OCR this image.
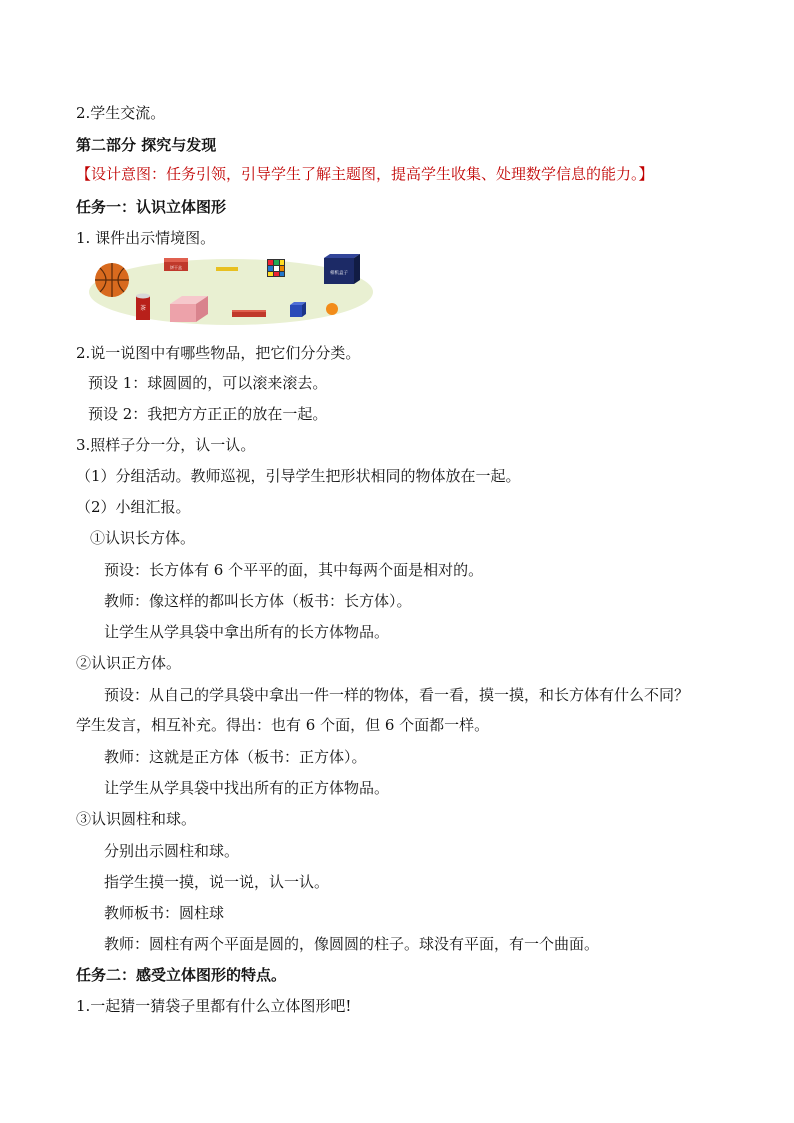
2.学生交流。
第二部分 探究与发现
【设计意图：任务引领，引导学生了解主题图，提高学生收集、处理数学信息的能力。】
任务一：认识立体图形
1. 课件出示情境图。
饼干盒
相机盒子
茶
2.说一说图中有哪些物品，把它们分分类。
预设 1：球圆圆的，可以滚来滚去。
预设 2：我把方方正正的放在一起。
3.照样子分一分，认一认。
（1）分组活动。教师巡视，引导学生把形状相同的物体放在一起。
（2）小组汇报。
①认识长方体。
预设：长方体有 6 个平平的面，其中每两个面是相对的。
教师：像这样的都叫长方体（板书：长方体）。
让学生从学具袋中拿出所有的长方体物品。
②认识正方体。
预设：从自己的学具袋中拿出一件一样的物体，看一看，摸一摸，和长方体有什么不同？
学生发言，相互补充。得出：也有 6 个面，但 6 个面都一样。
教师：这就是正方体（板书：正方体）。
让学生从学具袋中找出所有的正方体物品。
③认识圆柱和球。
分别出示圆柱和球。
指学生摸一摸，说一说，认一认。
教师板书：圆柱球
教师：圆柱有两个平面是圆的，像圆圆的柱子。球没有平面，有一个曲面。
任务二：感受立体图形的特点。
1.一起猜一猜袋子里都有什么立体图形吧!
